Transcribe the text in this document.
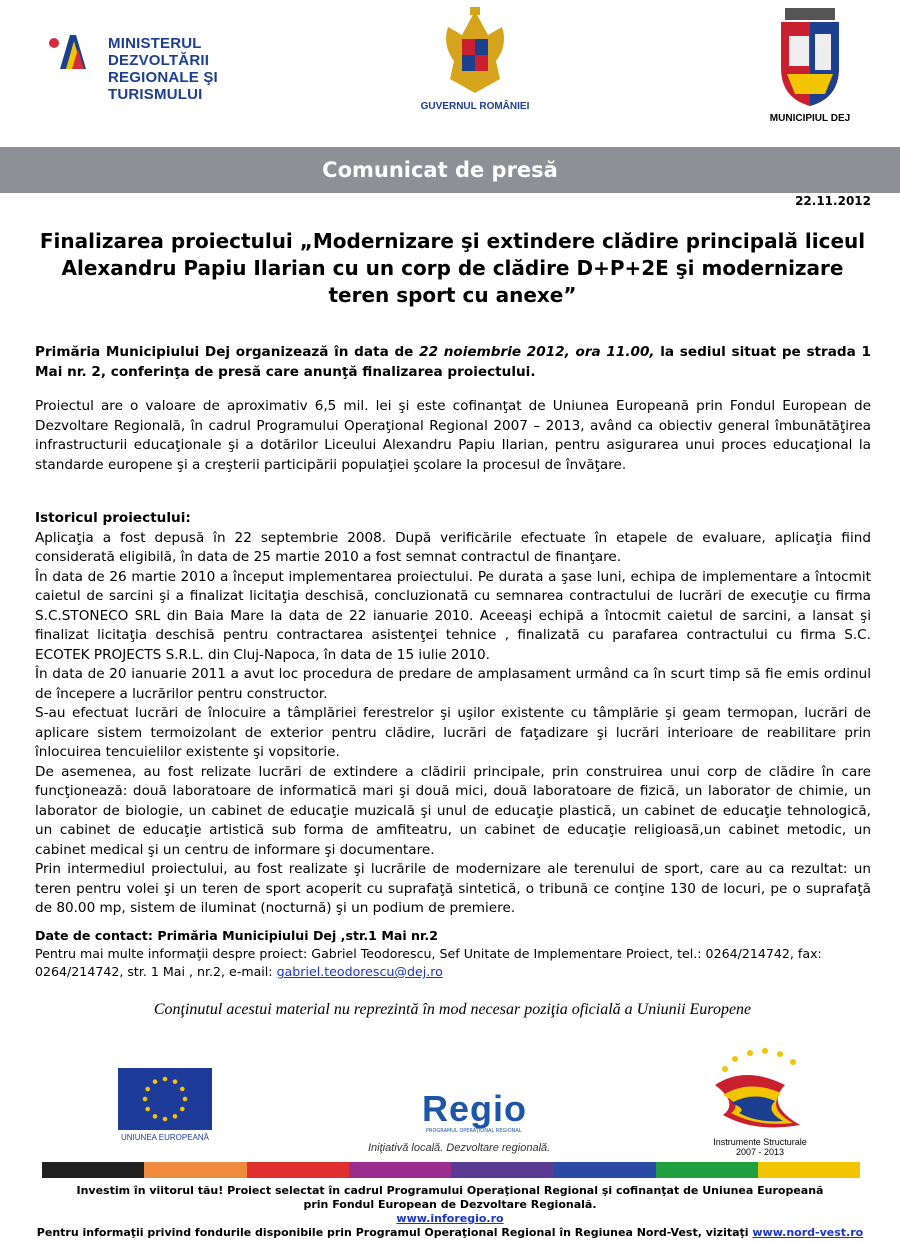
MINISTERUL DEZVOLTĂRII
REGIONALE ŞI TURISMULUI
GUVERNUL ROMÂNIEI
MUNICIPIUL DEJ
Comunicat de presă
22.11.2012
Finalizarea proiectului „Modernizare şi extindere clădire principală liceul Alexandru Papiu Ilarian cu un corp de clădire D+P+2E şi modernizare teren sport cu anexe”
Primăria Municipiului Dej organizează în data de 22 noiembrie 2012, ora 11.00, la sediul situat pe strada 1 Mai nr. 2, conferinţa de presă care anunţă finalizarea proiectului.
Proiectul are o valoare de aproximativ 6,5 mil. lei şi este cofinanţat de Uniunea Europeană prin Fondul European de Dezvoltare Regională, în cadrul Programului Operaţional Regional 2007 – 2013, având ca obiectiv general îmbunătăţirea infrastructurii educaţionale şi a dotărilor Liceului Alexandru Papiu Ilarian, pentru asigurarea unui proces educaţional la standarde europene şi a creşterii participării populaţiei şcolare la procesul de învăţare.
Istoricul proiectului:
Aplicaţia a fost depusă în 22 septembrie 2008. După verificările efectuate în etapele de evaluare, aplicaţia fiind considerată eligibilă, în data de 25 martie 2010 a fost semnat contractul de finanţare.
În data de 26 martie 2010 a început implementarea proiectului. Pe durata a şase luni, echipa de implementare a întocmit caietul de sarcini şi a finalizat licitaţia deschisă, concluzionată cu semnarea contractului de lucrări de execuţie cu firma S.C.STONECO SRL din Baia Mare la data de 22 ianuarie 2010. Aceeaşi echipă a întocmit caietul de sarcini, a lansat şi finalizat licitaţia deschisă pentru contractarea asistenţei tehnice , finalizată cu parafarea contractului cu firma S.C. ECOTEK PROJECTS S.R.L. din Cluj-Napoca, în data de 15 iulie 2010.
În data de 20 ianuarie 2011 a avut loc procedura de predare de amplasament urmând ca în scurt timp să fie emis ordinul de începere a lucrărilor pentru constructor.
S-au efectuat lucrări de înlocuire a tâmplăriei ferestrelor şi uşilor existente cu tâmplărie şi geam termopan, lucrări de aplicare sistem termoizolant de exterior pentru clădire, lucrări de faţadizare şi lucrări interioare de reabilitare prin înlocuirea tencuielilor existente şi vopsitorie.
De asemenea, au fost relizate lucrări de extindere a clădirii principale, prin construirea unui corp de clădire în care funcţionează: două laboratoare de informatică mari şi două mici, două laboratoare de fizică, un laborator de chimie, un laborator de biologie, un cabinet de educaţie muzicală şi unul de educaţie plastică, un cabinet de educaţie tehnologică, un cabinet de educaţie artistică sub forma de amfiteatru, un cabinet de educaţie religioasă,un cabinet metodic, un cabinet medical şi un centru de informare şi documentare.
Prin intermediul proiectului, au fost realizate şi lucrările de modernizare ale terenului de sport, care au ca rezultat: un teren pentru volei şi un teren de sport acoperit cu suprafaţă sintetică, o tribună ce conţine 130 de locuri, pe o suprafaţă de 80.00 mp, sistem de iluminat (nocturnă) şi un podium de premiere.
Date de contact: Primăria Municipiului Dej ,str.1 Mai nr.2
Pentru mai multe informaţii despre proiect: Gabriel Teodorescu, Sef Unitate de Implementare Proiect, tel.: 0264/214742, fax: 0264/214742, str. 1 Mai , nr.2, e-mail: gabriel.teodorescu@dej.ro
Conţinutul acestui material nu reprezintă în mod necesar poziţia oficială a Uniunii Europene
UNIUNEA EUROPEANĂ
Regio
PROGRAMUL OPERAŢIONAL REGIONAL
Iniţiativă locală. Dezvoltare regională.	Instrumente Structurale
2007 - 2013
Investim în viitorul tău! Proiect selectat în cadrul Programului Operaţional Regional şi cofinanţat de Uniunea Europeană
prin Fondul European de Dezvoltare Regională.
www.inforegio.ro
Pentru informaţii privind fondurile disponibile prin Programul Operaţional Regional în Regiunea Nord-Vest, vizitaţi www.nord-vest.ro
